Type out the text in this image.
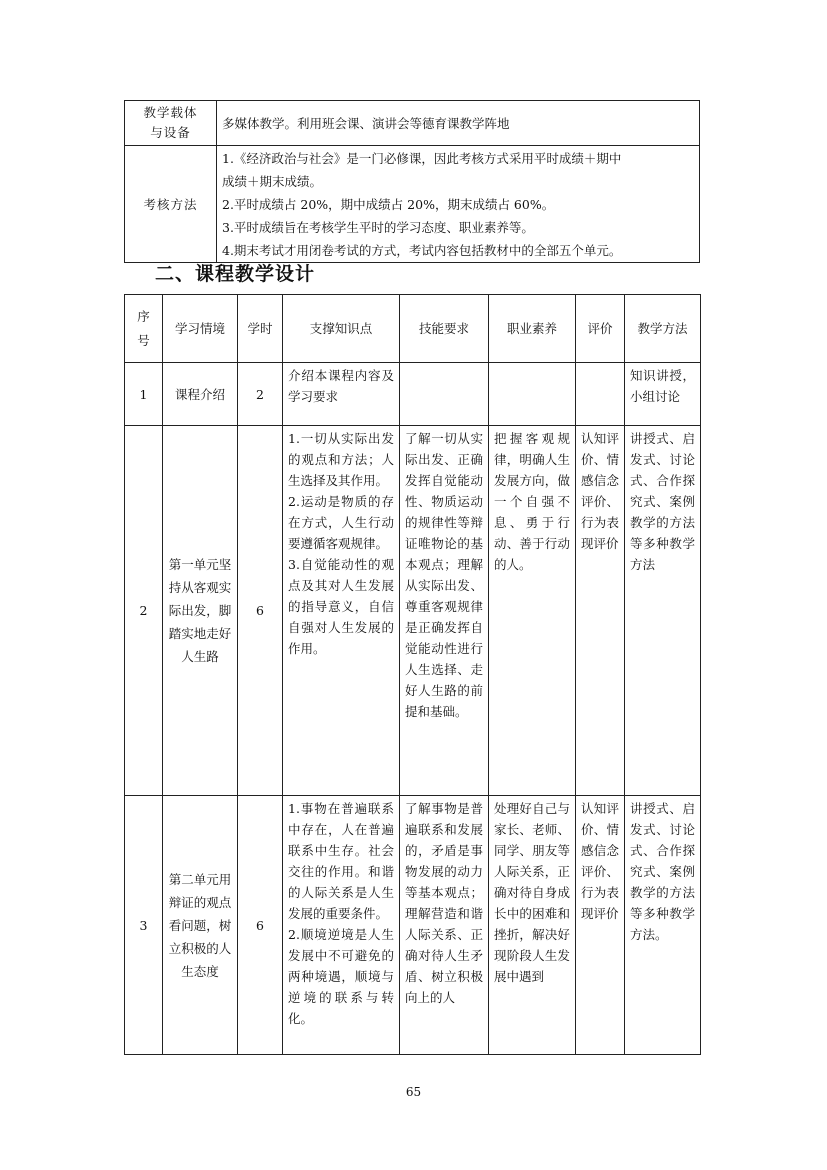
教学载体
与设备	多媒体教学。利用班会课、演讲会等德育课教学阵地
考核方法	1.《经济政治与社会》是一门必修课，因此考核方式采用平时成绩＋期中
成绩＋期末成绩。
2.平时成绩占 20%，期中成绩占 20%，期末成绩占 60%。
3.平时成绩旨在考核学生平时的学习态度、职业素养等。
4.期末考试才用闭卷考试的方式，考试内容包括教材中的全部五个单元。
二、课程教学设计
序
号	学习情境	学时	支撑知识点	技能要求	职业素养	评价	教学方法
1	课程介绍	2	介绍本课程内容及学习要求				知识讲授，小组讨论
2	第一单元坚持从客观实际出发，脚踏实地走好人生路	6	1.一切从实际出发的观点和方法；人生选择及其作用。
2.运动是物质的存在方式，人生行动要遵循客观规律。
3.自觉能动性的观点及其对人生发展的指导意义，自信自强对人生发展的作用。	了解一切从实际出发、正确发挥自觉能动性、物质运动的规律性等辩证唯物论的基本观点；理解从实际出发、尊重客观规律是正确发挥自觉能动性进行人生选择、走好人生路的前提和基础。	把握客观规律，明确人生发展方向，做一个自强不息、勇于行动、善于行动的人。	认知评价、情感信念评价、行为表现评价	讲授式、启发式、讨论式、合作探究式、案例教学的方法等多种教学方法
3	第二单元用辩证的观点看问题，树立积极的人生态度	6	1.事物在普遍联系中存在，人在普遍联系中生存。社会交往的作用。和谐的人际关系是人生发展的重要条件。
2.顺境逆境是人生发展中不可避免的两种境遇，顺境与逆境的联系与转化。	了解事物是普遍联系和发展的，矛盾是事物发展的动力等基本观点；理解营造和谐人际关系、正确对待人生矛盾、树立积极向上的人	处理好自己与家长、老师、同学、朋友等人际关系，正确对待自身成长中的困难和挫折，解决好现阶段人生发展中遇到	认知评价、情感信念评价、行为表现评价	讲授式、启发式、讨论式、合作探究式、案例教学的方法等多种教学方法。
65
